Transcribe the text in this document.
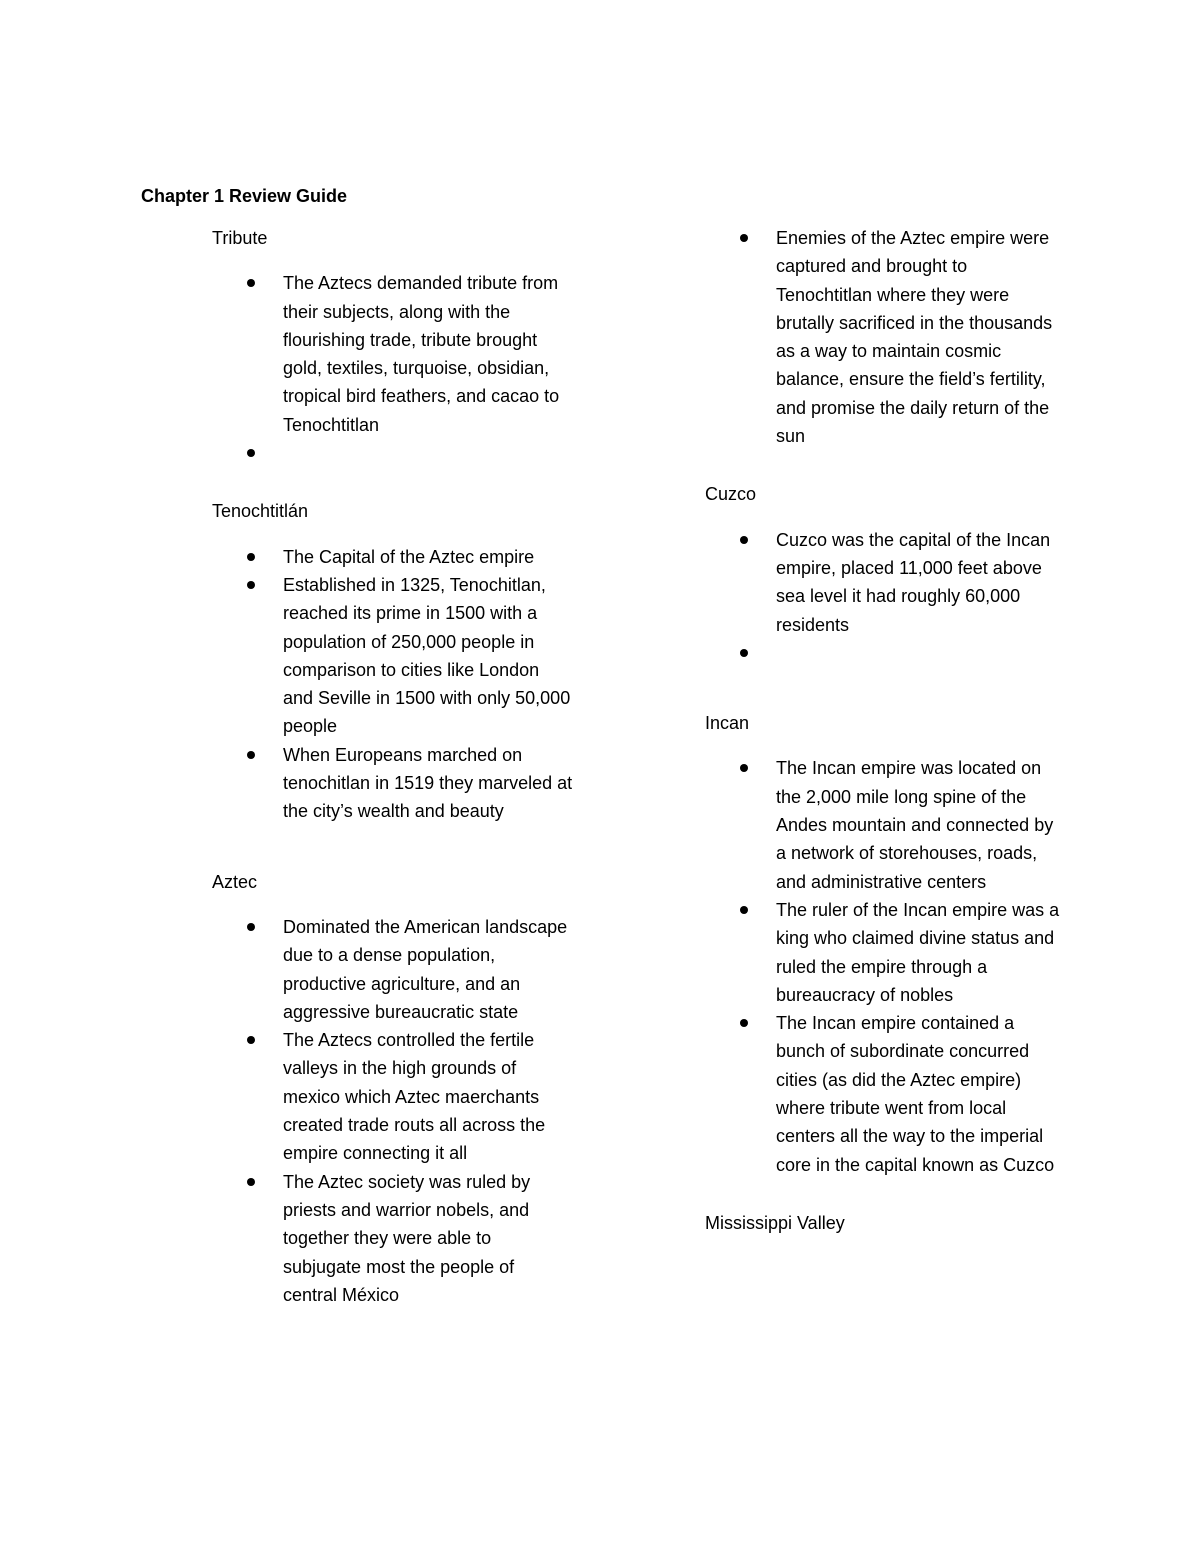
Chapter 1 Review Guide
Tribute
The Aztecs demanded tribute from their subjects, along with the flourishing trade, tribute brought gold, textiles, turquoise, obsidian, tropical bird feathers, and cacao to Tenochtitlan
Tenochtitlán
The Capital of the Aztec empire
Established in 1325, Tenochitlan, reached its prime in 1500 with a population of 250,000 people in comparison to cities like London and Seville in 1500 with only 50,000 people
When Europeans marched on tenochitlan in 1519 they marveled at the city’s wealth and beauty
Aztec
Dominated the American landscape due to a dense population, productive agriculture, and an aggressive bureaucratic state
The Aztecs controlled the fertile valleys in the high grounds of mexico which Aztec maerchants created trade routs all across the empire connecting it all
The Aztec society was ruled by priests and warrior nobels, and together they were able to subjugate most the people of central México
Enemies of the Aztec empire were captured and brought to Tenochtitlan where they were brutally sacrificed in the thousands as a way to maintain cosmic balance, ensure the field’s fertility, and promise the daily return of the sun
Cuzco
Cuzco was the capital of the Incan empire, placed 11,000 feet above sea level it had roughly 60,000 residents
Incan
The Incan empire was located on the 2,000 mile long spine of the Andes mountain and connected by a network of storehouses, roads, and administrative centers
The ruler of the Incan empire was a king who claimed divine status and ruled the empire through a bureaucracy of nobles
The Incan empire contained a bunch of subordinate concurred cities (as did the Aztec empire) where tribute went from local centers all the way to the imperial core in the capital known as Cuzco
Mississippi Valley
